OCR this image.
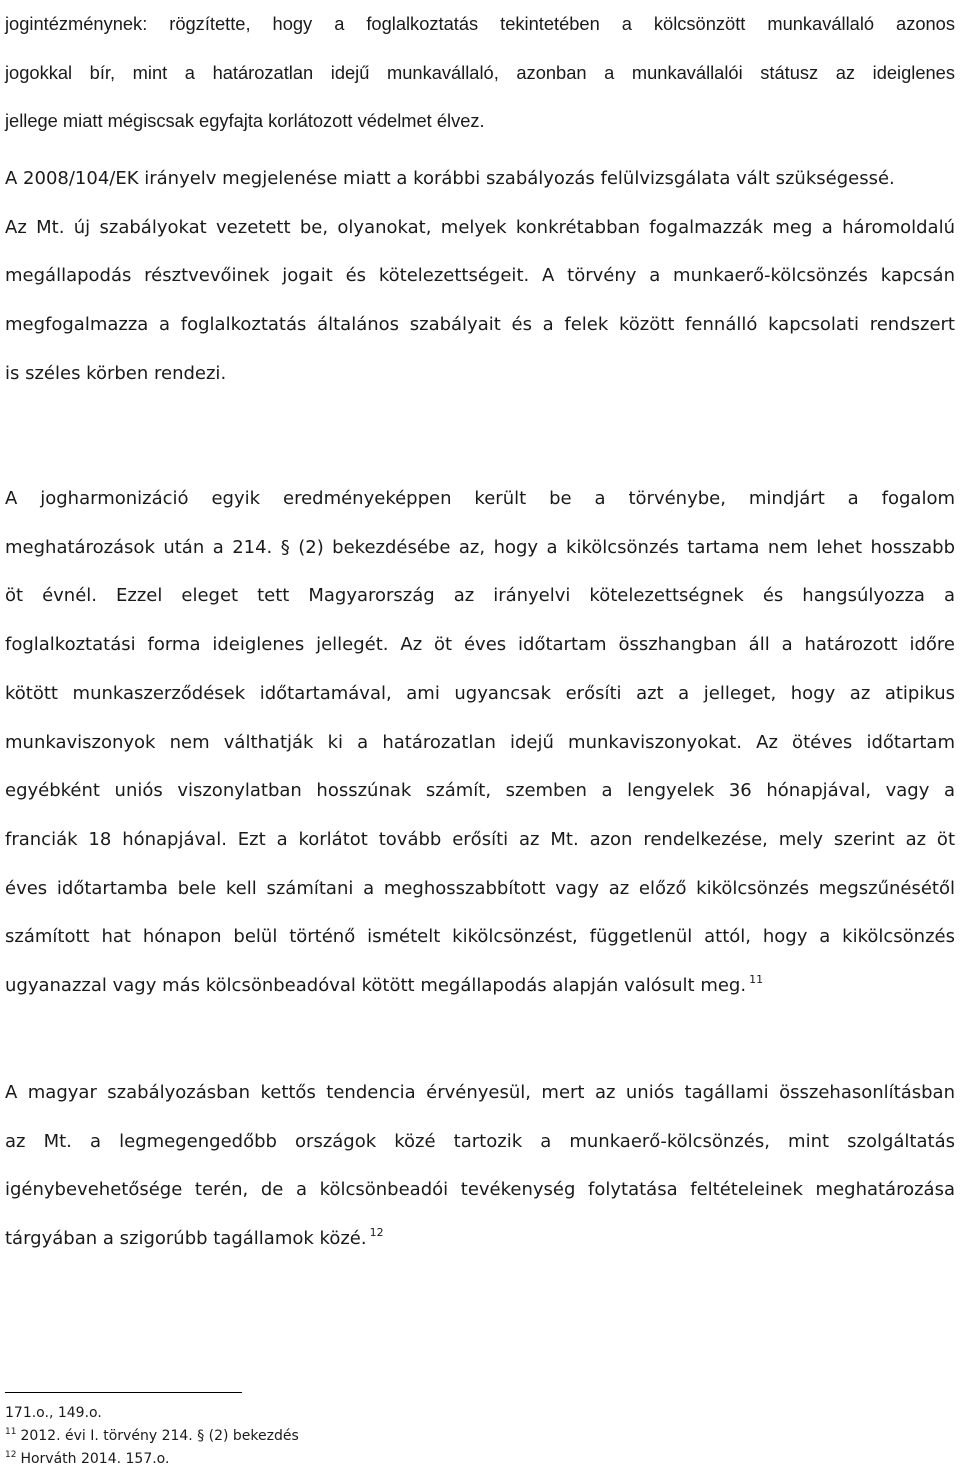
jogintézménynek: rögzítette, hogy a foglalkoztatás tekintetében a kölcsönzött munkavállaló azonos
jogokkal bír, mint a határozatlan idejű munkavállaló, azonban a munkavállalói státusz az ideiglenes
jellege miatt mégiscsak egyfajta korlátozott védelmet élvez.
A 2008/104/EK irányelv megjelenése miatt a korábbi szabályozás felülvizsgálata vált szükségessé.
Az Mt. új szabályokat vezetett be, olyanokat, melyek konkrétabban fogalmazzák meg a háromoldalú
megállapodás résztvevőinek jogait és kötelezettségeit. A törvény a munkaerő-kölcsönzés kapcsán
megfogalmazza a foglalkoztatás általános szabályait és a felek között fennálló kapcsolati rendszert
is széles körben rendezi.
A jogharmonizáció egyik eredményeképpen került be a törvénybe, mindjárt a fogalom
meghatározások után a 214. § (2) bekezdésébe az, hogy a kikölcsönzés tartama nem lehet hosszabb
öt évnél. Ezzel eleget tett Magyarország az irányelvi kötelezettségnek és hangsúlyozza a
foglalkoztatási forma ideiglenes jellegét. Az öt éves időtartam összhangban áll a határozott időre
kötött munkaszerződések időtartamával, ami ugyancsak erősíti azt a jelleget, hogy az atipikus
munkaviszonyok nem válthatják ki a határozatlan idejű munkaviszonyokat. Az ötéves időtartam
egyébként uniós viszonylatban hosszúnak számít, szemben a lengyelek 36 hónapjával, vagy a
franciák 18 hónapjával. Ezt a korlátot tovább erősíti az Mt. azon rendelkezése, mely szerint az öt
éves időtartamba bele kell számítani a meghosszabbított vagy az előző kikölcsönzés megszűnésétől
számított hat hónapon belül történő ismételt kikölcsönzést, függetlenül attól, hogy a kikölcsönzés
ugyanazzal vagy más kölcsönbeadóval kötött megállapodás alapján valósult meg. $^{11}$
A magyar szabályozásban kettős tendencia érvényesül, mert az uniós tagállami összehasonlításban
az Mt. a legmegengedőbb országok közé tartozik a munkaerő-kölcsönzés, mint szolgáltatás
igénybevehetősége terén, de a kölcsönbeadói tevékenység folytatása feltételeinek meghatározása
tárgyában a szigorúbb tagállamok közé. $^{12}$
171.o., 149.o.
$^{11}$ 2012. évi I. törvény 214. § (2) bekezdés
$^{12}$ Horváth 2014. 157.o.
